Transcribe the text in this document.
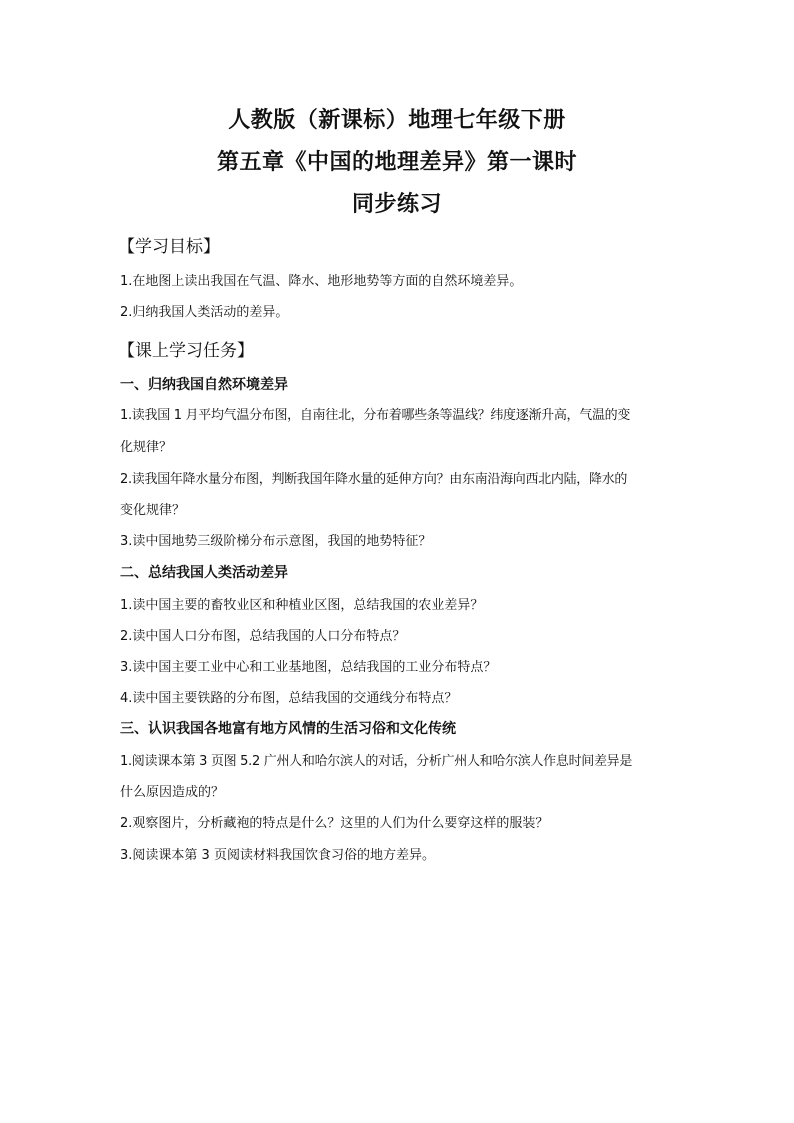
人教版（新课标）地理七年级下册
第五章《中国的地理差异》第一课时
同步练习
【学习目标】
1.在地图上读出我国在气温、降水、地形地势等方面的自然环境差异。
2.归纳我国人类活动的差异。
【课上学习任务】
一、归纳我国自然环境差异
1.读我国 1 月平均气温分布图，自南往北，分布着哪些条等温线？纬度逐渐升高，气温的变
化规律？
2.读我国年降水量分布图，判断我国年降水量的延伸方向？由东南沿海向西北内陆，降水的
变化规律？
3.读中国地势三级阶梯分布示意图，我国的地势特征？
二、总结我国人类活动差异
1.读中国主要的畜牧业区和种植业区图，总结我国的农业差异？
2.读中国人口分布图，总结我国的人口分布特点？
3.读中国主要工业中心和工业基地图，总结我国的工业分布特点？
4.读中国主要铁路的分布图，总结我国的交通线分布特点？
三、认识我国各地富有地方风情的生活习俗和文化传统
1.阅读课本第 3 页图 5.2 广州人和哈尔滨人的对话，分析广州人和哈尔滨人作息时间差异是
什么原因造成的？
2.观察图片，分析藏袍的特点是什么？这里的人们为什么要穿这样的服装？
3.阅读课本第 3 页阅读材料我国饮食习俗的地方差异。
